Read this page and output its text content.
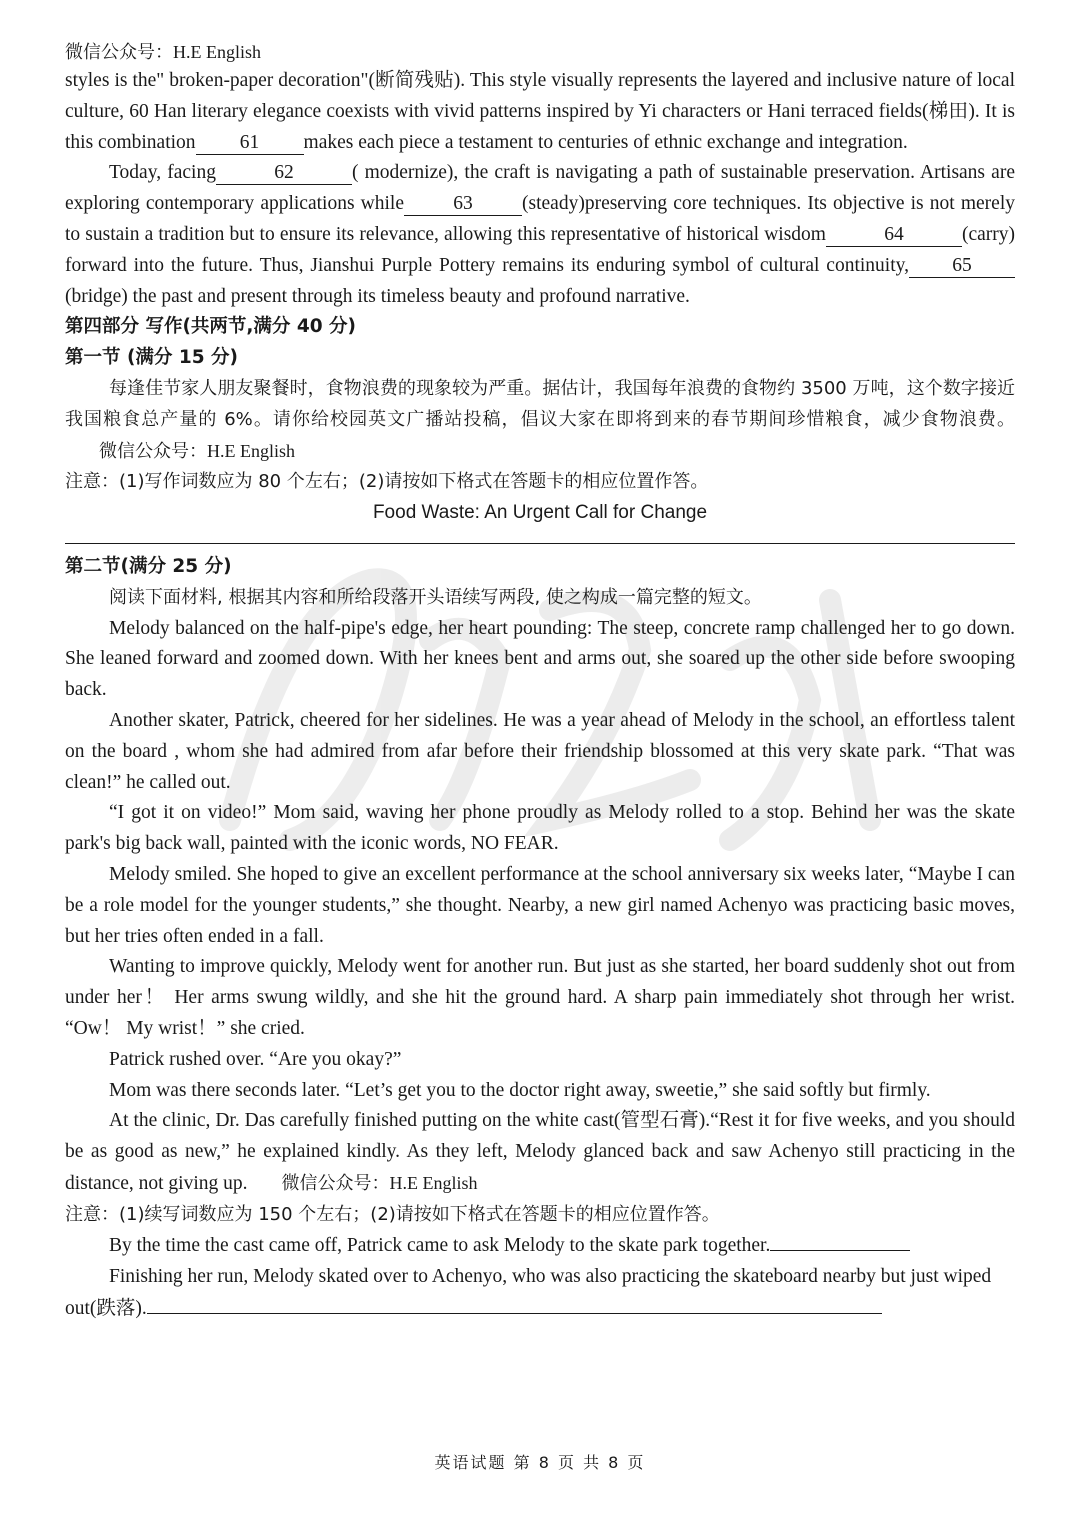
微信公众号：H.E English

styles is the" broken-paper decoration"(断简残贴). This style visually represents the layered and inclusive nature of local culture, 60 Han literary elegance coexists with vivid patterns inspired by Yi characters or Hani terraced fields(梯田). It is this combination 61 makes each piece a testament to centuries of ethnic exchange and integration.

Today, facing	62	( modernize), the craft is navigating a path of sustainable preservation. Artisans are exploring contemporary applications while	63	(steady)preserving core techniques. Its objective is not merely to sustain a tradition but to ensure its relevance, allowing this representative of historical wisdom	64	(carry) forward into the future. Thus, Jianshui Purple Pottery remains its enduring symbol of cultural continuity, 65(bridge) the past and present through its timeless beauty and profound narrative.

第四部分 写作(共两节,满分 40 分)

第一节 (满分 15 分)

每逢佳节家人朋友聚餐时，食物浪费的现象较为严重。据估计，我国每年浪费的食物约 3500 万吨，这个数字接近我国粮食总产量的 6%。请你给校园英文广播站投稿，倡议大家在即将到来的春节期间珍惜粮食，减少食物浪费。微信公众号：H.E English

注意：(1)写作词数应为 80 个左右；(2)请按如下格式在答题卡的相应位置作答。

Food Waste: An Urgent Call for Change

第二节(满分 25 分)

阅读下面材料, 根据其内容和所给段落开头语续写两段, 使之构成一篇完整的短文。

Melody balanced on the half-pipe's edge, her heart pounding: The steep, concrete ramp challenged her to go down. She leaned forward and zoomed down. With her knees bent and arms out, she soared up the other side before swooping back.

Another skater, Patrick, cheered for her sidelines. He was a year ahead of Melody in the school, an effortless talent on the board , whom she had admired from afar before their friendship blossomed at this very skate park. “That was clean!” he called out.

“I got it on video!” Mom said, waving her phone proudly as Melody rolled to a stop. Behind her was the skate park's big back wall, painted with the iconic words, NO FEAR.

Melody smiled. She hoped to give an excellent performance at the school anniversary six weeks later, “Maybe I can be a role model for the younger students,” she thought. Nearby, a new girl named Achenyo was practicing basic moves, but her tries often ended in a fall.

Wanting to improve quickly, Melody went for another run. But just as she started, her board suddenly shot out from under her！ Her arms swung wildly, and she hit the ground hard. A sharp pain immediately shot through her wrist. “Ow！ My wrist！” she cried.

Patrick rushed over. “Are you okay?”

Mom was there seconds later. “Let’s get you to the doctor right away, sweetie,” she said softly but firmly.

At the clinic, Dr. Das carefully finished putting on the white cast(管型石膏).“Rest it for five weeks, and you should be as good as new,” he explained kindly. As they left, Melody glanced back and saw Achenyo still practicing in the distance, not giving up. 微信公众号：H.E English

注意：(1)续写词数应为 150 个左右；(2)请按如下格式在答题卡的相应位置作答。

By the time the cast came off, Patrick came to ask Melody to the skate park together.

Finishing her run, Melody skated over to Achenyo, who was also practicing the skateboard nearby but just wiped out(跌落).

英语试题 第 8 页 共 8 页
